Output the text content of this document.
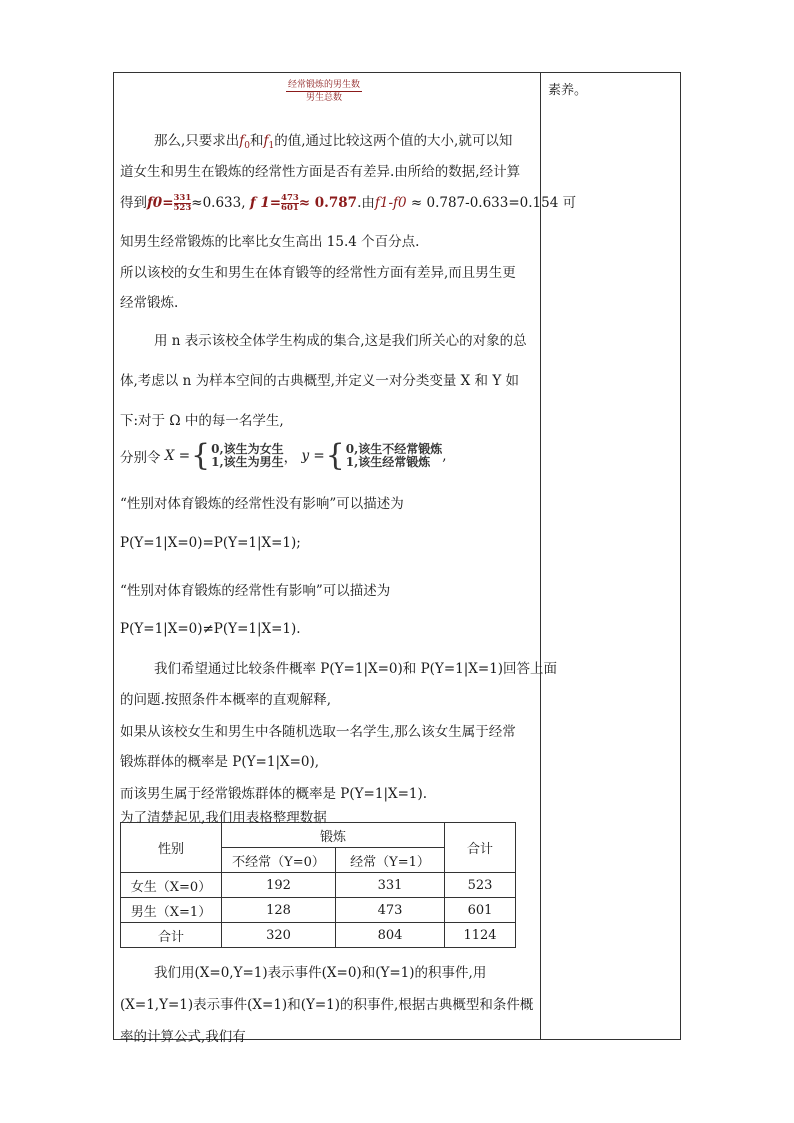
素养。
经常锻炼的男生数
男生总数
那么,只要求出$f_0$和$f_1$的值,通过比较这两个值的大小,就可以知
道女生和男生在锻炼的经常性方面是否有差异.由所给的数据,经计算
得到$f0= \frac{331}{523} \approx 0.633$, f $1= \frac{473}{601} \approx 0.787$.由f1-f0 ≈ 0.787-0.633=0.154 可
知男生经常锻炼的比率比女生高出 15.4 个百分点.
所以该校的女生和男生在体育锻等的经常性方面有差异,而且男生更
经常锻炼.
用 n 表示该校全体学生构成的集合,这是我们所关心的对象的总
体,考虑以 n 为样本空间的古典概型,并定义一对分类变量 X 和 Y 如
下:对于 Ω 中的每一名学生,
分别令 X ={ 0,该生为女生
1,该生为男生 ， y ={ 0,该生不经常锻炼
1,该生经常锻炼 ,
“性别对体育锻炼的经常性没有影响”可以描述为
P(Y=1|X=0)=P(Y=1|X=1);
“性别对体育锻炼的经常性有影响”可以描述为
P(Y=1|X=0)≠P(Y=1|X=1).
我们希望通过比较条件概率 P(Y=1|X=0)和 P(Y=1|X=1)回答上面
的问题.按照条件本概率的直观解释,
如果从该校女生和男生中各随机选取一名学生,那么该女生属于经常
锻炼群体的概率是 P(Y=1|X=0),
而该男生属于经常锻炼群体的概率是 P(Y=1|X=1).
为了清楚起见,我们用表格整理数据
我们用(X=0,Y=1)表示事件(X=0)和(Y=1)的积事件,用
(X=1,Y=1)表示事件(X=1)和(Y=1)的积事件,根据古典概型和条件概
率的计算公式,我们有
性别	锻炼		合计
	不经常（Y=0）	经常（Y=1）	
女生（X=0）	192	331	523
男生（X=1）	128	473	601
合计	320	804	1124
